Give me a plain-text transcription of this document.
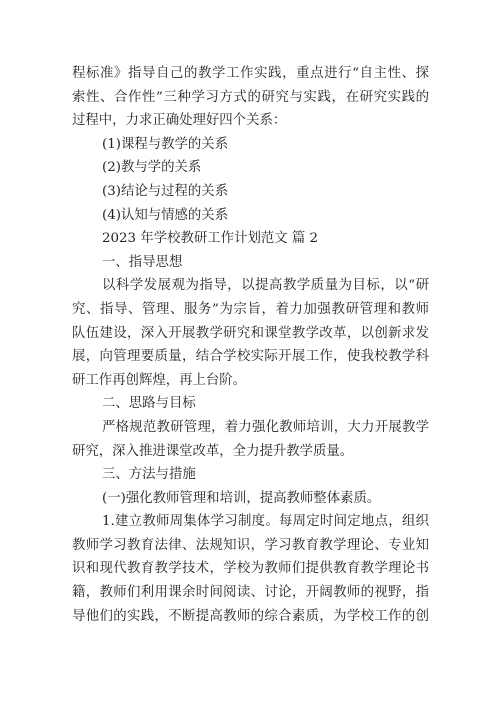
程标准》指导自己的教学工作实践，重点进行“自主性、探
索性、合作性”三种学习方式的研究与实践，在研究实践的
过程中，力求正确处理好四个关系：
(1)课程与教学的关系
(2)教与学的关系
(3)结论与过程的关系
(4)认知与情感的关系
2023 年学校教研工作计划范文 篇 2
一、指导思想
以科学发展观为指导，以提高教学质量为目标，以“研
究、指导、管理、服务”为宗旨，着力加强教研管理和教师
队伍建设，深入开展教学研究和课堂教学改革，以创新求发
展，向管理要质量，结合学校实际开展工作，使我校教学科
研工作再创辉煌，再上台阶。
二、思路与目标
严格规范教研管理，着力强化教师培训，大力开展教学
研究，深入推进课堂改革，全力提升教学质量。
三、方法与措施
(一)强化教师管理和培训，提高教师整体素质。
1.建立教师周集体学习制度。每周定时间定地点，组织
教师学习教育法律、法规知识，学习教育教学理论、专业知
识和现代教育教学技术，学校为教师们提供教育教学理论书
籍，教师们利用课余时间阅读、讨论，开阔教师的视野，指
导他们的实践，不断提高教师的综合素质，为学校工作的创
